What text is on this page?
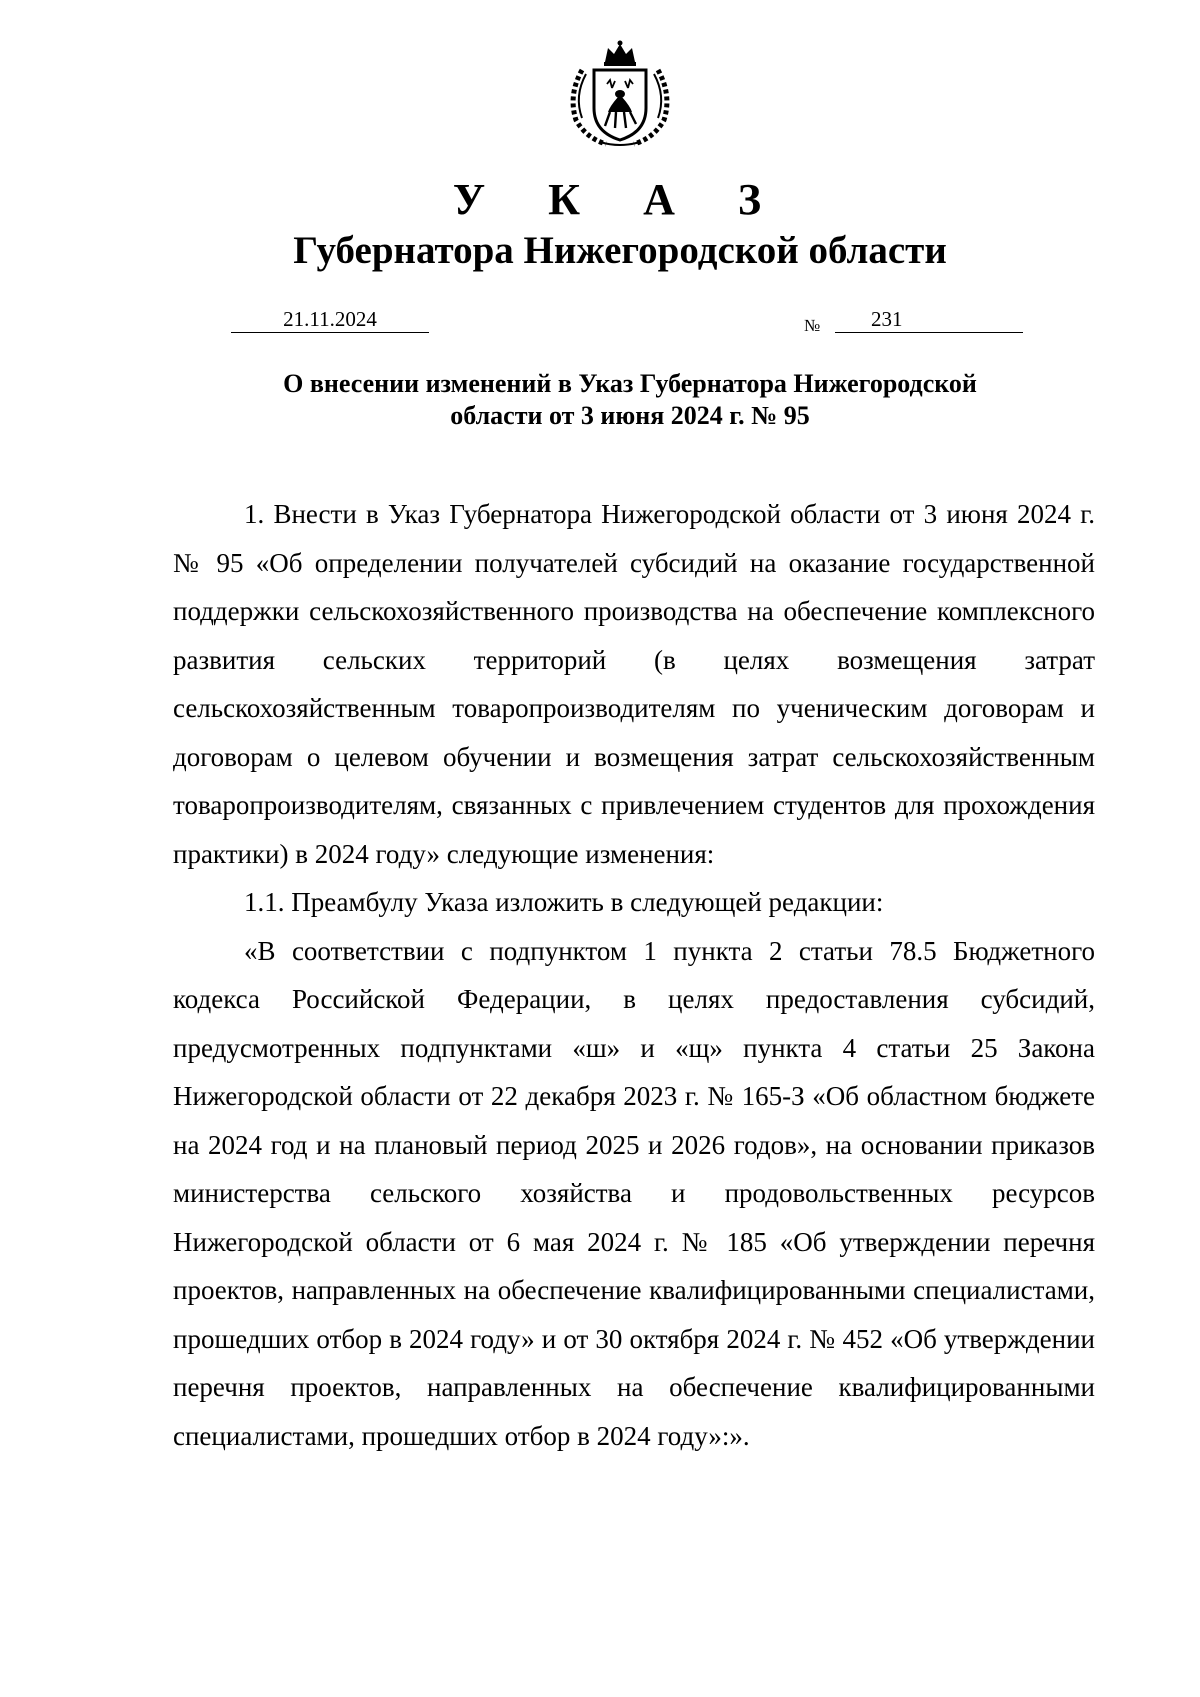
У К А З
Губернатора Нижегородской области
21.11.2024	№	231
О внесении изменений в Указ Губернатора Нижегородской
области от 3 июня 2024 г. № 95

1. Внести в Указ Губернатора Нижегородской области от 3 июня 2024 г. № 95 «Об определении получателей субсидий на оказание государственной поддержки сельскохозяйственного производства на обеспечение комплексного развития сельских территорий (в целях возмещения затрат сельскохозяйственным товаропроизводителям по ученическим договорам и договорам о целевом обучении и возмещения затрат сельскохозяйственным товаропроизводителям, связанных с привлечением студентов для прохождения практики) в 2024 году» следующие изменения:

1.1. Преамбулу Указа изложить в следующей редакции:

«В соответствии с подпунктом 1 пункта 2 статьи 78.5 Бюджетного кодекса Российской Федерации, в целях предоставления субсидий, предусмотренных подпунктами «ш» и «щ» пункта 4 статьи 25 Закона Нижегородской области от 22 декабря 2023 г. № 165-З «Об областном бюджете на 2024 год и на плановый период 2025 и 2026 годов», на основании приказов министерства сельского хозяйства и продовольственных ресурсов Нижегородской области от 6 мая 2024 г. № 185 «Об утверждении перечня проектов, направленных на обеспечение квалифицированными специалистами, прошедших отбор в 2024 году» и от 30 октября 2024 г. № 452 «Об утверждении перечня проектов, направленных на обеспечение квалифицированными специалистами, прошедших отбор в 2024 году»:».
